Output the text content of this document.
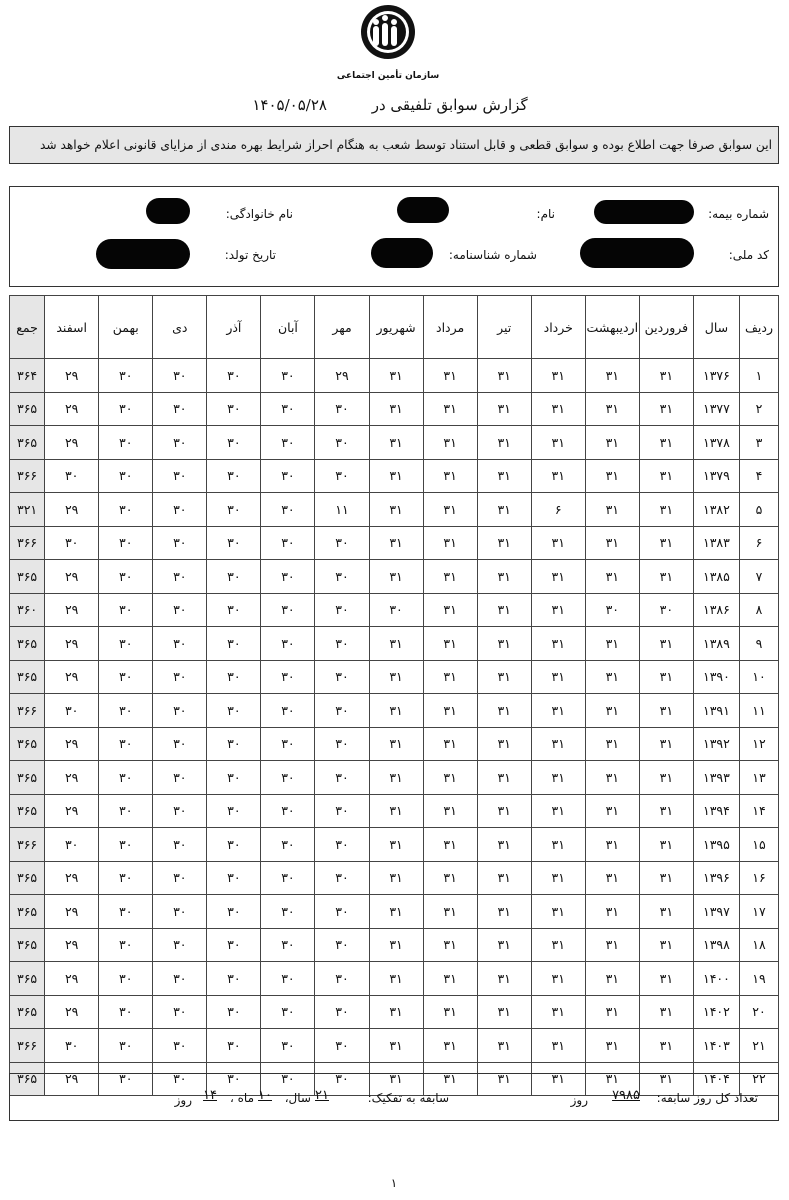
سازمان تأمین اجتماعی
گزارش سوابق تلفیقی در ۱۴۰۵/۰۵/۲۸
این سوابق صرفا جهت اطلاع بوده و سوابق قطعی و قابل استناد توسط شعب به هنگام احراز شرایط بهره مندی از مزایای قانونی اعلام خواهد شد
شماره بیمه:
نام:
نام خانوادگی:
کد ملی:
شماره شناسنامه:
تاریخ تولد:
ردیف	سال	فروردین	اردیبهشت	خرداد	تیر	مرداد	شهریور	مهر	آبان	آذر	دی	بهمن	اسفند	جمع
۱	۱۳۷۶	۳۱	۳۱	۳۱	۳۱	۳۱	۳۱	۲۹	۳۰	۳۰	۳۰	۳۰	۲۹	۳۶۴
۲	۱۳۷۷	۳۱	۳۱	۳۱	۳۱	۳۱	۳۱	۳۰	۳۰	۳۰	۳۰	۳۰	۲۹	۳۶۵
۳	۱۳۷۸	۳۱	۳۱	۳۱	۳۱	۳۱	۳۱	۳۰	۳۰	۳۰	۳۰	۳۰	۲۹	۳۶۵
۴	۱۳۷۹	۳۱	۳۱	۳۱	۳۱	۳۱	۳۱	۳۰	۳۰	۳۰	۳۰	۳۰	۳۰	۳۶۶
۵	۱۳۸۲	۳۱	۳۱	۶	۳۱	۳۱	۳۱	۱۱	۳۰	۳۰	۳۰	۳۰	۲۹	۳۲۱
۶	۱۳۸۳	۳۱	۳۱	۳۱	۳۱	۳۱	۳۱	۳۰	۳۰	۳۰	۳۰	۳۰	۳۰	۳۶۶
۷	۱۳۸۵	۳۱	۳۱	۳۱	۳۱	۳۱	۳۱	۳۰	۳۰	۳۰	۳۰	۳۰	۲۹	۳۶۵
۸	۱۳۸۶	۳۰	۳۰	۳۱	۳۱	۳۱	۳۰	۳۰	۳۰	۳۰	۳۰	۳۰	۲۹	۳۶۰
۹	۱۳۸۹	۳۱	۳۱	۳۱	۳۱	۳۱	۳۱	۳۰	۳۰	۳۰	۳۰	۳۰	۲۹	۳۶۵
۱۰	۱۳۹۰	۳۱	۳۱	۳۱	۳۱	۳۱	۳۱	۳۰	۳۰	۳۰	۳۰	۳۰	۲۹	۳۶۵
۱۱	۱۳۹۱	۳۱	۳۱	۳۱	۳۱	۳۱	۳۱	۳۰	۳۰	۳۰	۳۰	۳۰	۳۰	۳۶۶
۱۲	۱۳۹۲	۳۱	۳۱	۳۱	۳۱	۳۱	۳۱	۳۰	۳۰	۳۰	۳۰	۳۰	۲۹	۳۶۵
۱۳	۱۳۹۳	۳۱	۳۱	۳۱	۳۱	۳۱	۳۱	۳۰	۳۰	۳۰	۳۰	۳۰	۲۹	۳۶۵
۱۴	۱۳۹۴	۳۱	۳۱	۳۱	۳۱	۳۱	۳۱	۳۰	۳۰	۳۰	۳۰	۳۰	۲۹	۳۶۵
۱۵	۱۳۹۵	۳۱	۳۱	۳۱	۳۱	۳۱	۳۱	۳۰	۳۰	۳۰	۳۰	۳۰	۳۰	۳۶۶
۱۶	۱۳۹۶	۳۱	۳۱	۳۱	۳۱	۳۱	۳۱	۳۰	۳۰	۳۰	۳۰	۳۰	۲۹	۳۶۵
۱۷	۱۳۹۷	۳۱	۳۱	۳۱	۳۱	۳۱	۳۱	۳۰	۳۰	۳۰	۳۰	۳۰	۲۹	۳۶۵
۱۸	۱۳۹۸	۳۱	۳۱	۳۱	۳۱	۳۱	۳۱	۳۰	۳۰	۳۰	۳۰	۳۰	۲۹	۳۶۵
۱۹	۱۴۰۰	۳۱	۳۱	۳۱	۳۱	۳۱	۳۱	۳۰	۳۰	۳۰	۳۰	۳۰	۲۹	۳۶۵
۲۰	۱۴۰۲	۳۱	۳۱	۳۱	۳۱	۳۱	۳۱	۳۰	۳۰	۳۰	۳۰	۳۰	۲۹	۳۶۵
۲۱	۱۴۰۳	۳۱	۳۱	۳۱	۳۱	۳۱	۳۱	۳۰	۳۰	۳۰	۳۰	۳۰	۳۰	۳۶۶
۲۲	۱۴۰۴	۳۱	۳۱	۳۱	۳۱	۳۱	۳۱	۳۰	۳۰	۳۰	۳۰	۳۰	۲۹	۳۶۵
تعداد کل روز سابقه:
۷۹۸۵
روز
سابقه به تفکیک:
۲۱
سال،
۱۰
ماه ،
۱۴
روز
۱
